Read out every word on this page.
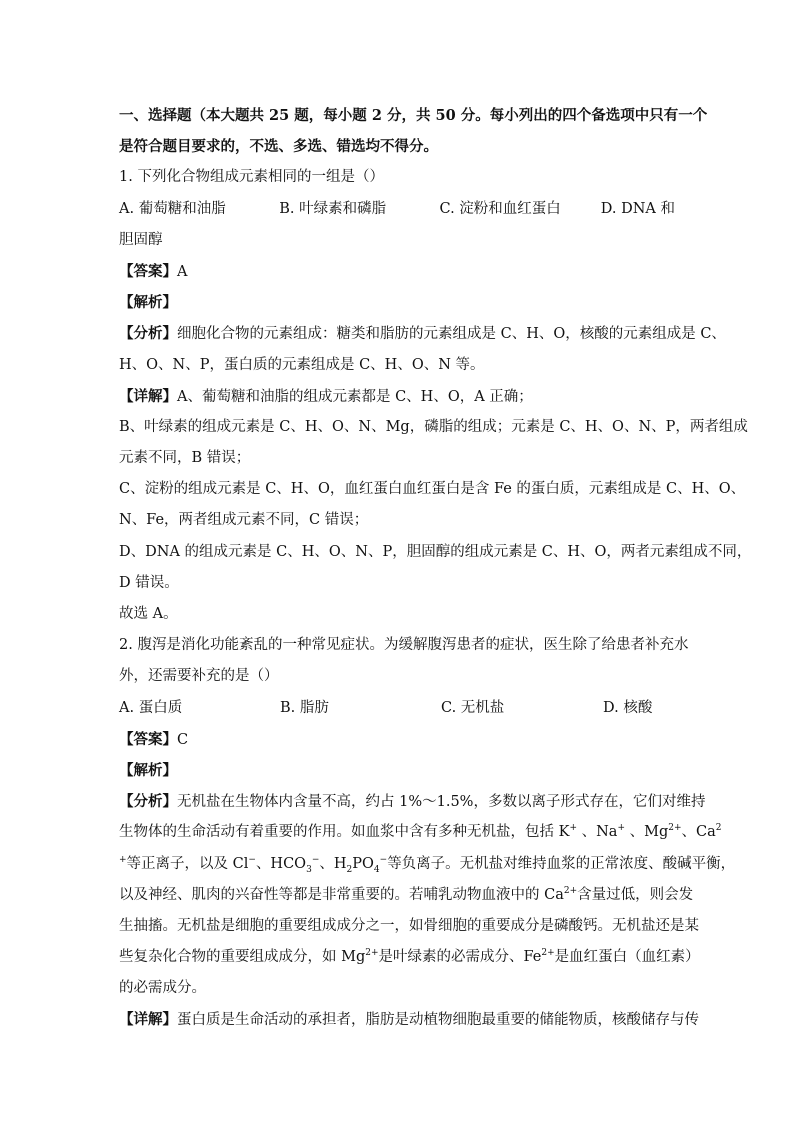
一、选择题（本大题共 25 题，每小题 2 分，共 50 分。每小列出的四个备选项中只有一个
是符合题目要求的，不选、多选、错选均不得分。
1. 下列化合物组成元素相同的一组是（）
A. 葡萄糖和油脂	B. 叶绿素和磷脂	C. 淀粉和血红蛋白	D. DNA 和
胆固醇
【答案】A
【解析】
【分析】细胞化合物的元素组成：糖类和脂肪的元素组成是 C、H、O，核酸的元素组成是 C、
H、O、N、P，蛋白质的元素组成是 C、H、O、N 等。
【详解】A、葡萄糖和油脂的组成元素都是 C、H、O，A 正确；
B、叶绿素的组成元素是 C、H、O、N、Mg，磷脂的组成；元素是 C、H、O、N、P，两者组成
元素不同，B 错误；
C、淀粉的组成元素是 C、H、O，血红蛋白血红蛋白是含 Fe 的蛋白质，元素组成是 C、H、O、
N、Fe，两者组成元素不同，C 错误；
D、DNA 的组成元素是 C、H、O、N、P，胆固醇的组成元素是 C、H、O，两者元素组成不同，
D 错误。
故选 A。
2. 腹泻是消化功能紊乱的一种常见症状。为缓解腹泻患者的症状，医生除了给患者补充水
外，还需要补充的是（）
A. 蛋白质	B. 脂肪	C. 无机盐	D. 核酸
【答案】C
【解析】
【分析】无机盐在生物体内含量不高，约占 1%～1.5%，多数以离子形式存在，它们对维持
生物体的生命活动有着重要的作用。如血浆中含有多种无机盐，包括 K+ 、Na+ 、$Mg^{2+}$、Ca$^2$
+等正离子，以及 Cl−、$HCO_3^-$、$H_2PO_4^-$等负离子。无机盐对维持血浆的正常浓度、酸碱平衡，
以及神经、肌肉的兴奋性等都是非常重要的。若哺乳动物血液中的 $Ca^{2+}$含量过低，则会发
生抽搐。无机盐是细胞的重要组成成分之一，如骨细胞的重要成分是磷酸钙。无机盐还是某
些复杂化合物的重要组成成分，如 $Mg^{2+}$是叶绿素的必需成分、$Fe^{2+}$是血红蛋白（血红素）
的必需成分。
【详解】蛋白质是生命活动的承担者，脂肪是动植物细胞最重要的储能物质，核酸储存与传
